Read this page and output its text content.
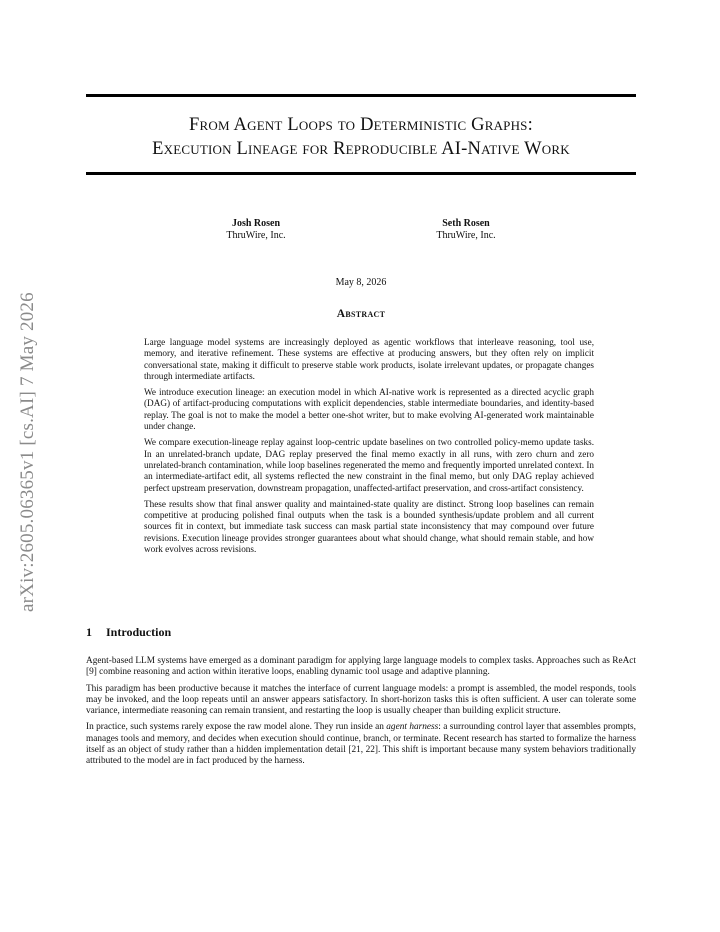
arXiv:2605.06365v1 [cs.AI] 7 May 2026
From Agent Loops to Deterministic Graphs:
Execution Lineage for Reproducible AI-Native Work
Josh Rosen
ThruWire, Inc.
Seth Rosen
ThruWire, Inc.
May 8, 2026
Abstract

Large language model systems are increasingly deployed as agentic workflows that interleave reasoning, tool use, memory, and iterative refinement. These systems are effective at producing answers, but they often rely on implicit conversational state, making it difficult to preserve stable work products, isolate irrelevant updates, or propagate changes through intermediate artifacts.

We introduce execution lineage: an execution model in which AI-native work is represented as a directed acyclic graph (DAG) of artifact-producing computations with explicit dependencies, stable intermediate boundaries, and identity-based replay. The goal is not to make the model a better one-shot writer, but to make evolving AI-generated work maintainable under change.

We compare execution-lineage replay against loop-centric update baselines on two controlled policy-memo update tasks. In an unrelated-branch update, DAG replay preserved the final memo exactly in all runs, with zero churn and zero unrelated-branch contamination, while loop baselines regenerated the memo and frequently imported unrelated context. In an intermediate-artifact edit, all systems reflected the new constraint in the final memo, but only DAG replay achieved perfect upstream preservation, downstream propagation, unaffected-artifact preservation, and cross-artifact consistency.

These results show that final answer quality and maintained-state quality are distinct. Strong loop baselines can remain competitive at producing polished final outputs when the task is a bounded synthesis/update problem and all current sources fit in context, but immediate task success can mask partial state inconsistency that may compound over future revisions. Execution lineage provides stronger guarantees about what should change, what should remain stable, and how work evolves across revisions.

1 Introduction

Agent-based LLM systems have emerged as a dominant paradigm for applying large language models to complex tasks. Approaches such as ReAct [9] combine reasoning and action within iterative loops, enabling dynamic tool usage and adaptive planning.

This paradigm has been productive because it matches the interface of current language models: a prompt is assembled, the model responds, tools may be invoked, and the loop repeats until an answer appears satisfactory. In short-horizon tasks this is often sufficient. A user can tolerate some variance, intermediate reasoning can remain transient, and restarting the loop is usually cheaper than building explicit structure.

In practice, such systems rarely expose the raw model alone. They run inside an agent harness: a surrounding control layer that assembles prompts, manages tools and memory, and decides when execution should continue, branch, or terminate. Recent research has started to formalize the harness itself as an object of study rather than a hidden implementation detail [21, 22]. This shift is important because many system behaviors traditionally attributed to the model are in fact produced by the harness.
